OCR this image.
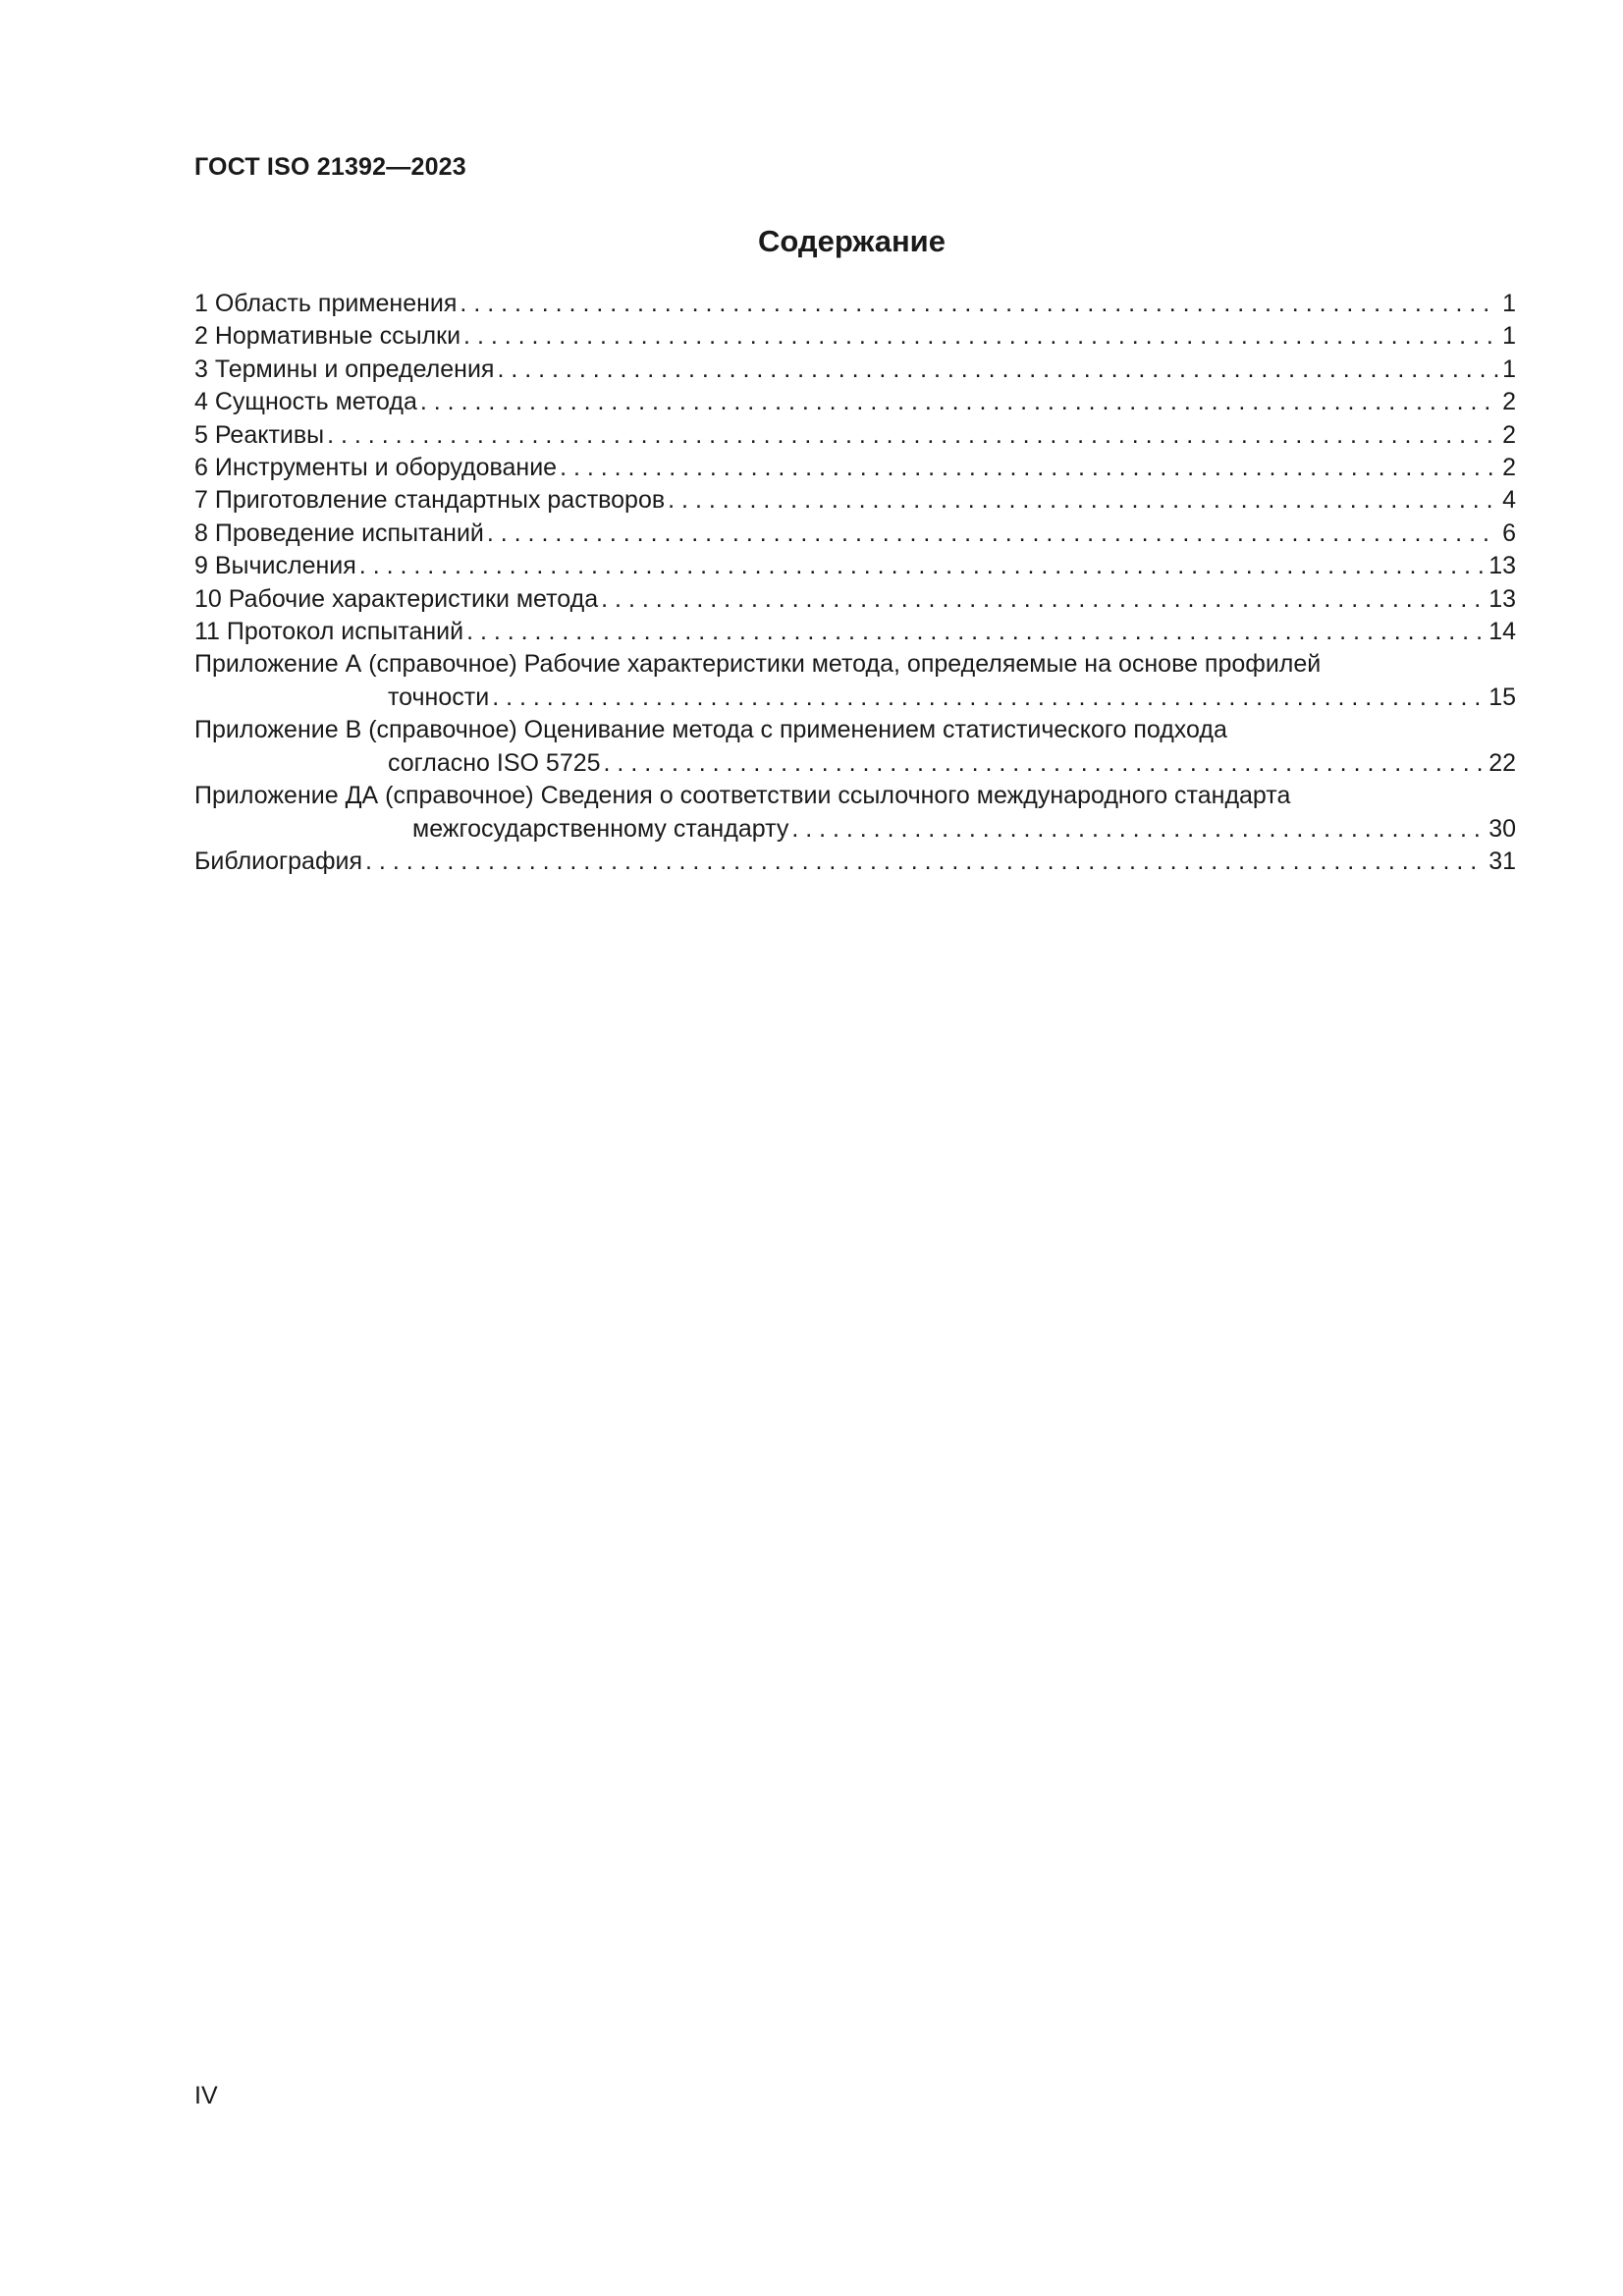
ГОСТ ISO 21392—2023
Содержание
1 Область применения . . .	1
2 Нормативные ссылки . . .	1
3 Термины и определения . . .	1
4 Сущность метода . . .	2
5 Реактивы . . .	2
6 Инструменты и оборудование . . .	2
7 Приготовление стандартных растворов . . .	4
8 Проведение испытаний . . .	6
9 Вычисления . . .	13
10 Рабочие характеристики метода . . .	13
11 Протокол испытаний . . .	14
Приложение А (справочное) Рабочие характеристики метода, определяемые на основе профилей
точности . . .	15
Приложение В (справочное) Оценивание метода с применением статистического подхода
согласно ISO 5725 . . .	22
Приложение ДА (справочное) Сведения о соответствии ссылочного международного стандарта
межгосударственному стандарту . . .	30
Библиография . . .	31
IV
